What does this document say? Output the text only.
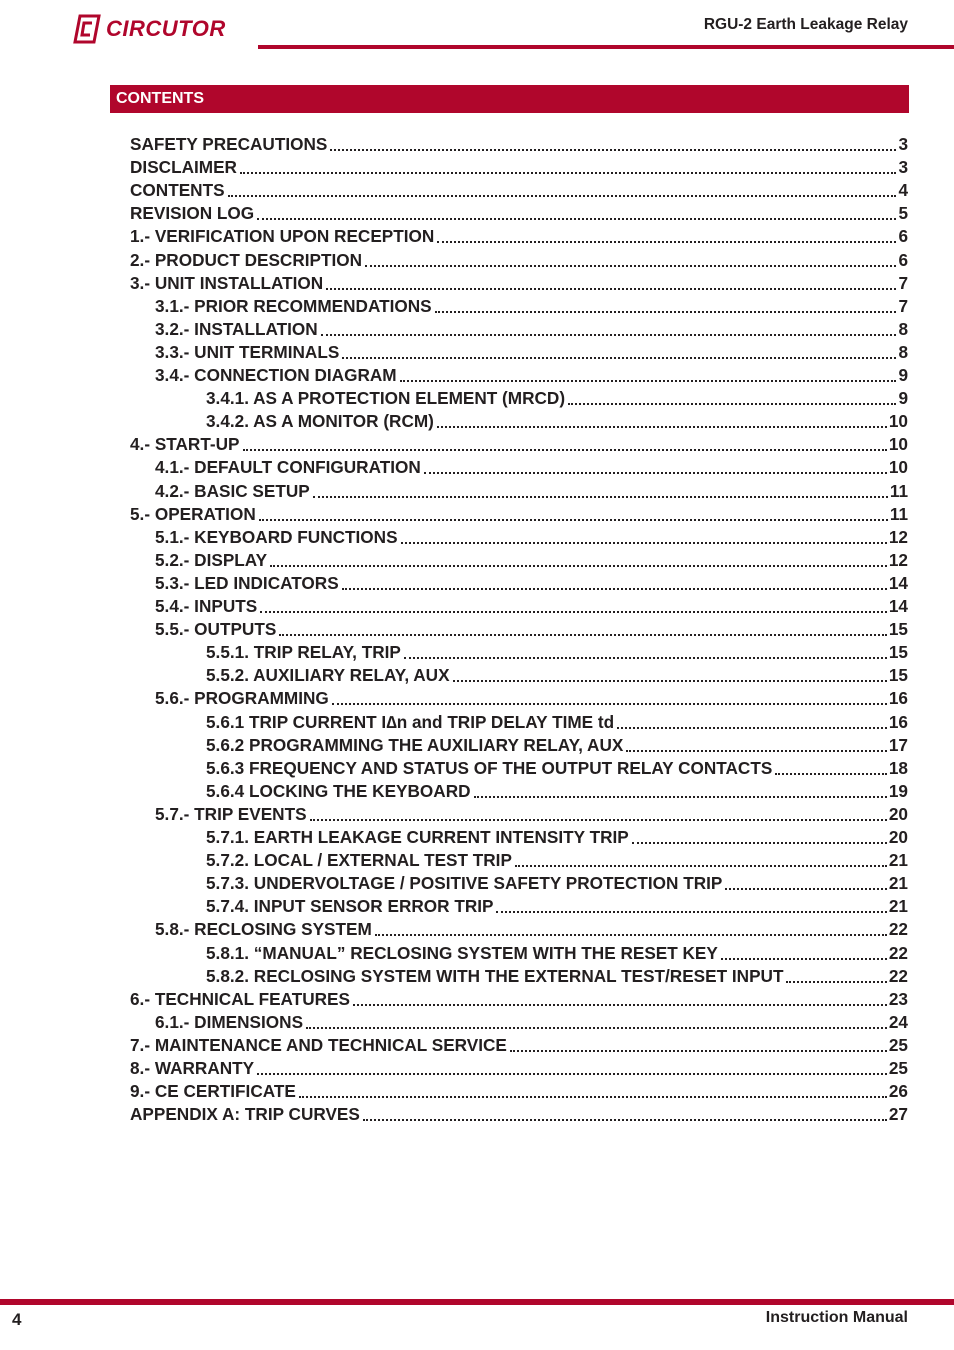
CIRCUTOR	RGU-2 Earth Leakage Relay
CONTENTS
SAFETY PRECAUTIONS	3
DISCLAIMER	3
CONTENTS	4
REVISION LOG	5
1.- VERIFICATION UPON RECEPTION	6
2.- PRODUCT DESCRIPTION	6
3.- UNIT INSTALLATION	7
3.1.- PRIOR RECOMMENDATIONS	7
3.2.- INSTALLATION	8
3.3.- UNIT TERMINALS	8
3.4.- CONNECTION DIAGRAM	9
3.4.1. AS A PROTECTION ELEMENT (MRCD)	9
3.4.2. AS A MONITOR (RCM)	10
4.- START-UP	10
4.1.- DEFAULT CONFIGURATION	10
4.2.- BASIC SETUP	11
5.- OPERATION	11
5.1.- KEYBOARD FUNCTIONS	12
5.2.- DISPLAY	12
5.3.- LED INDICATORS	14
5.4.- INPUTS	14
5.5.- OUTPUTS	15
5.5.1. TRIP RELAY, TRIP	15
5.5.2. AUXILIARY RELAY, AUX	15
5.6.- PROGRAMMING	16
5.6.1 TRIP CURRENT I∆n and TRIP DELAY TIME td	16
5.6.2 PROGRAMMING THE AUXILIARY RELAY, AUX	17
5.6.3 FREQUENCY AND STATUS OF THE OUTPUT RELAY CONTACTS	18
5.6.4 LOCKING THE KEYBOARD	19
5.7.- TRIP EVENTS	20
5.7.1. EARTH LEAKAGE CURRENT INTENSITY TRIP	20
5.7.2. LOCAL / EXTERNAL TEST TRIP	21
5.7.3. UNDERVOLTAGE / POSITIVE SAFETY PROTECTION TRIP	21
5.7.4. INPUT SENSOR ERROR TRIP	21
5.8.- RECLOSING SYSTEM	22
5.8.1. “MANUAL” RECLOSING SYSTEM WITH THE RESET KEY	22
5.8.2. RECLOSING SYSTEM WITH THE EXTERNAL TEST/RESET INPUT	22
6.- TECHNICAL FEATURES	23
6.1.- DIMENSIONS	24
7.- MAINTENANCE AND TECHNICAL SERVICE	25
8.- WARRANTY	25
9.- CE CERTIFICATE	26
APPENDIX A: TRIP CURVES	27
4	Instruction Manual
